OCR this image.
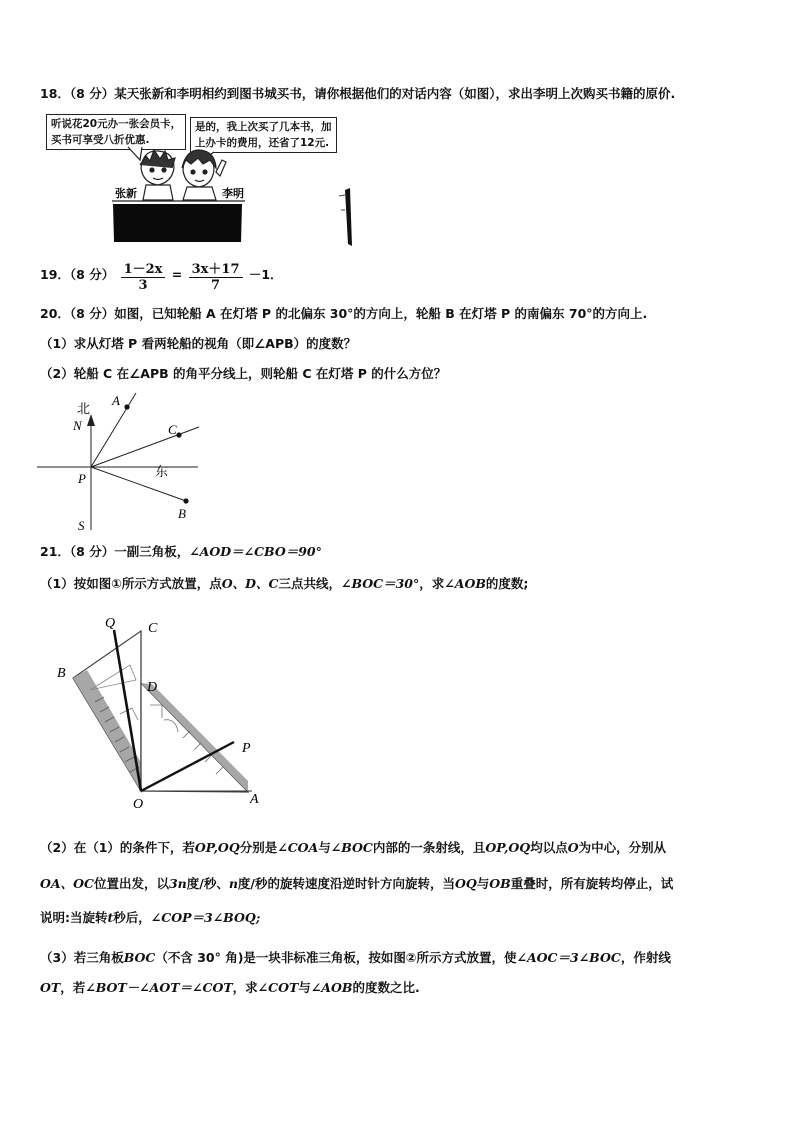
18．（8 分）某天张新和李明相约到图书城买书，请你根据他们的对话内容（如图），求出李明上次购买书籍的原价.
听说花20元办一张会员卡，
买书可享受八折优惠.
是的，我上次买了几本书，加
上办卡的费用，还省了12元.
张新	李明
19．（8 分） $\frac{1-2x}{3} = \frac{3x+17}{7} -1$．
20．（8 分）如图，已知轮船 A 在灯塔 P 的北偏东 30°的方向上，轮船 B 在灯塔 P 的南偏东 70°的方向上.
（1）求从灯塔 P 看两轮船的视角（即∠APB）的度数？
（2）轮船 C 在∠APB 的角平分线上，则轮船 C 在灯塔 P 的什么方位？
北
N
A
C
东
P
B
S
21．（8 分）一副三角板，∠AOD＝∠CBO＝90°
（1）按如图①所示方式放置，点O、D、C三点共线，∠BOC＝30°，求∠AOB的度数;
Q C
B
D
P
O	A
（2）在（1）的条件下，若OP,OQ分别是∠COA与∠BOC内部的一条射线，且OP,OQ均以点O为中心，分别从
OA、OC位置出发，以3n度/秒、n度/秒的旋转速度沿逆时针方向旋转，当OQ与OB重叠时，所有旋转均停止，试
说明:当旋转t秒后，∠COP＝3∠BOQ;
（3）若三角板BOC（不含 30° 角)是一块非标准三角板，按如图②所示方式放置，使∠AOC＝3∠BOC，作射线
OT，若∠BOT－∠AOT＝∠COT，求∠COT与∠AOB的度数之比.
